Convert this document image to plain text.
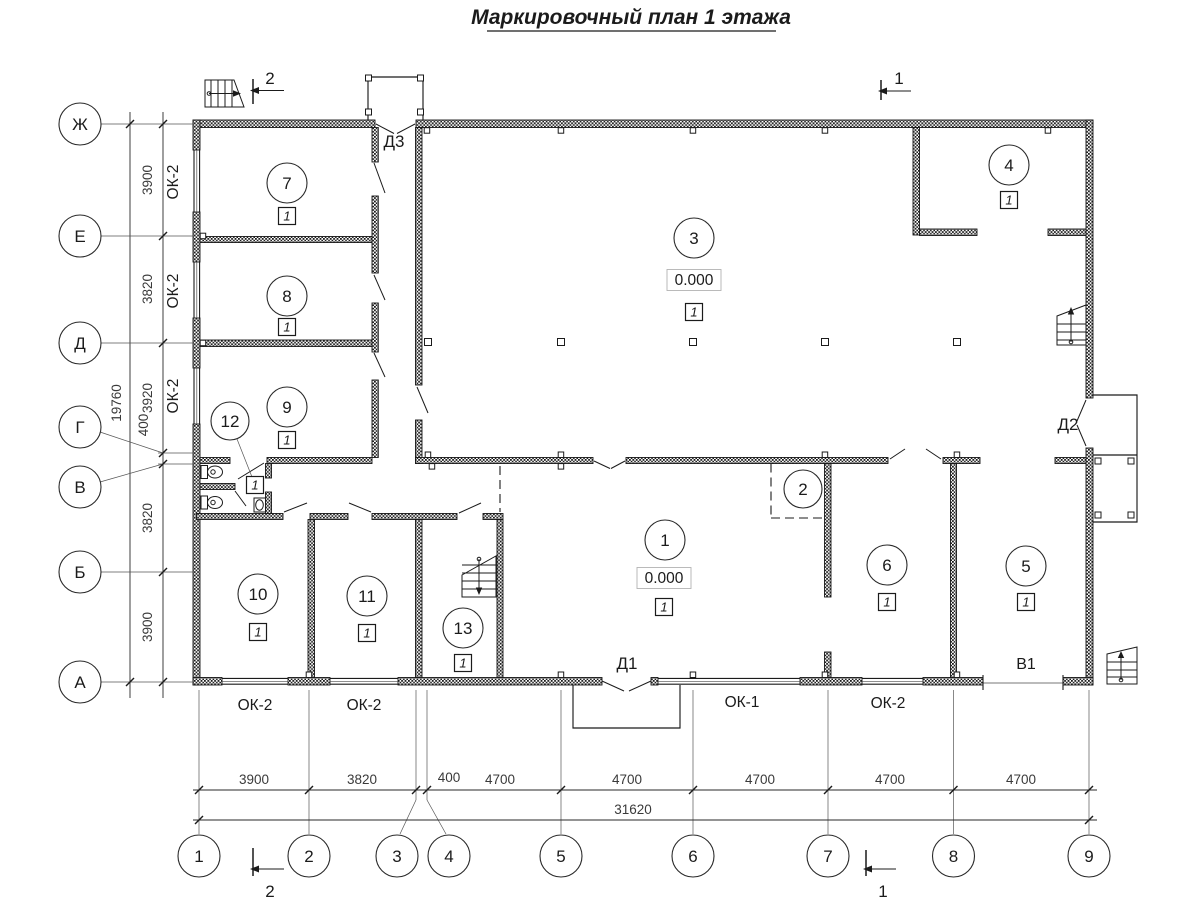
Маркировочный план 1 этажа
3900
3820
3920
400
3820
3900
19760
Ж
Е
Д
Г
В
Б
А
3900	3820	400 4700	4700	4700	4700	4700
31620
1	2	3	4	5	6	7	8	9
2	1
2	1
7
1
8
1
9
1
12
1
10
1
11
1	13
1
3
0.000
1
4
1
2
1
0.000
1
6
1
5
1
Д3
Д1
Д2
В1
ОК-2
ОК-2
ОК-2
ОК-2	ОК-2	ОК-1	ОК-2
